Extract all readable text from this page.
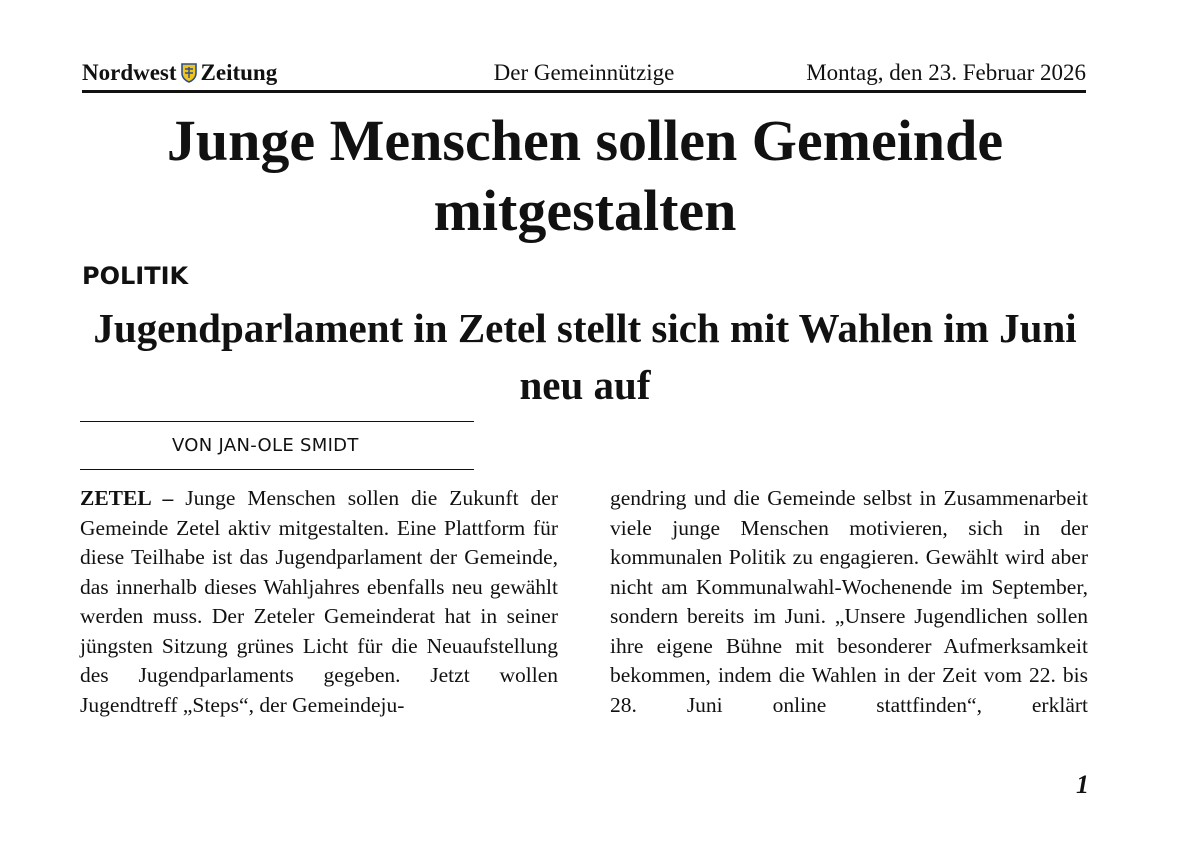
Nordwest Zeitung	Der Gemeinnützige	Montag, den 23. Februar 2026
Junge Menschen sollen Gemeinde mitgestalten
POLITIK
Jugendparlament in Zetel stellt sich mit Wahlen im Juni neu auf
VON JAN-OLE SMIDT

ZETEL – Junge Menschen sollen die Zukunft der Gemeinde Zetel aktiv mitgestalten. Eine Plattform für diese Teilhabe ist das Jugendparlament der Gemeinde, das innerhalb dieses Wahljahres ebenfalls neu gewählt werden muss. Der Zeteler Gemeinderat hat in seiner jüngsten Sitzung grünes Licht für die Neuaufstellung des Jugendparlaments gegeben. Jetzt wollen Jugendtreff „Steps“, der Gemeindeju-

gendring und die Gemeinde selbst in Zusammenarbeit viele junge Menschen motivieren, sich in der kommunalen Politik zu engagieren. Gewählt wird aber nicht am Kommunalwahl-Wochenende im September, sondern bereits im Juni. „Unsere Jugendlichen sollen ihre eigene Bühne mit besonderer Aufmerksamkeit bekommen, indem die Wahlen in der Zeit vom 22. bis 28. Juni online stattfinden“, erklärt

1
